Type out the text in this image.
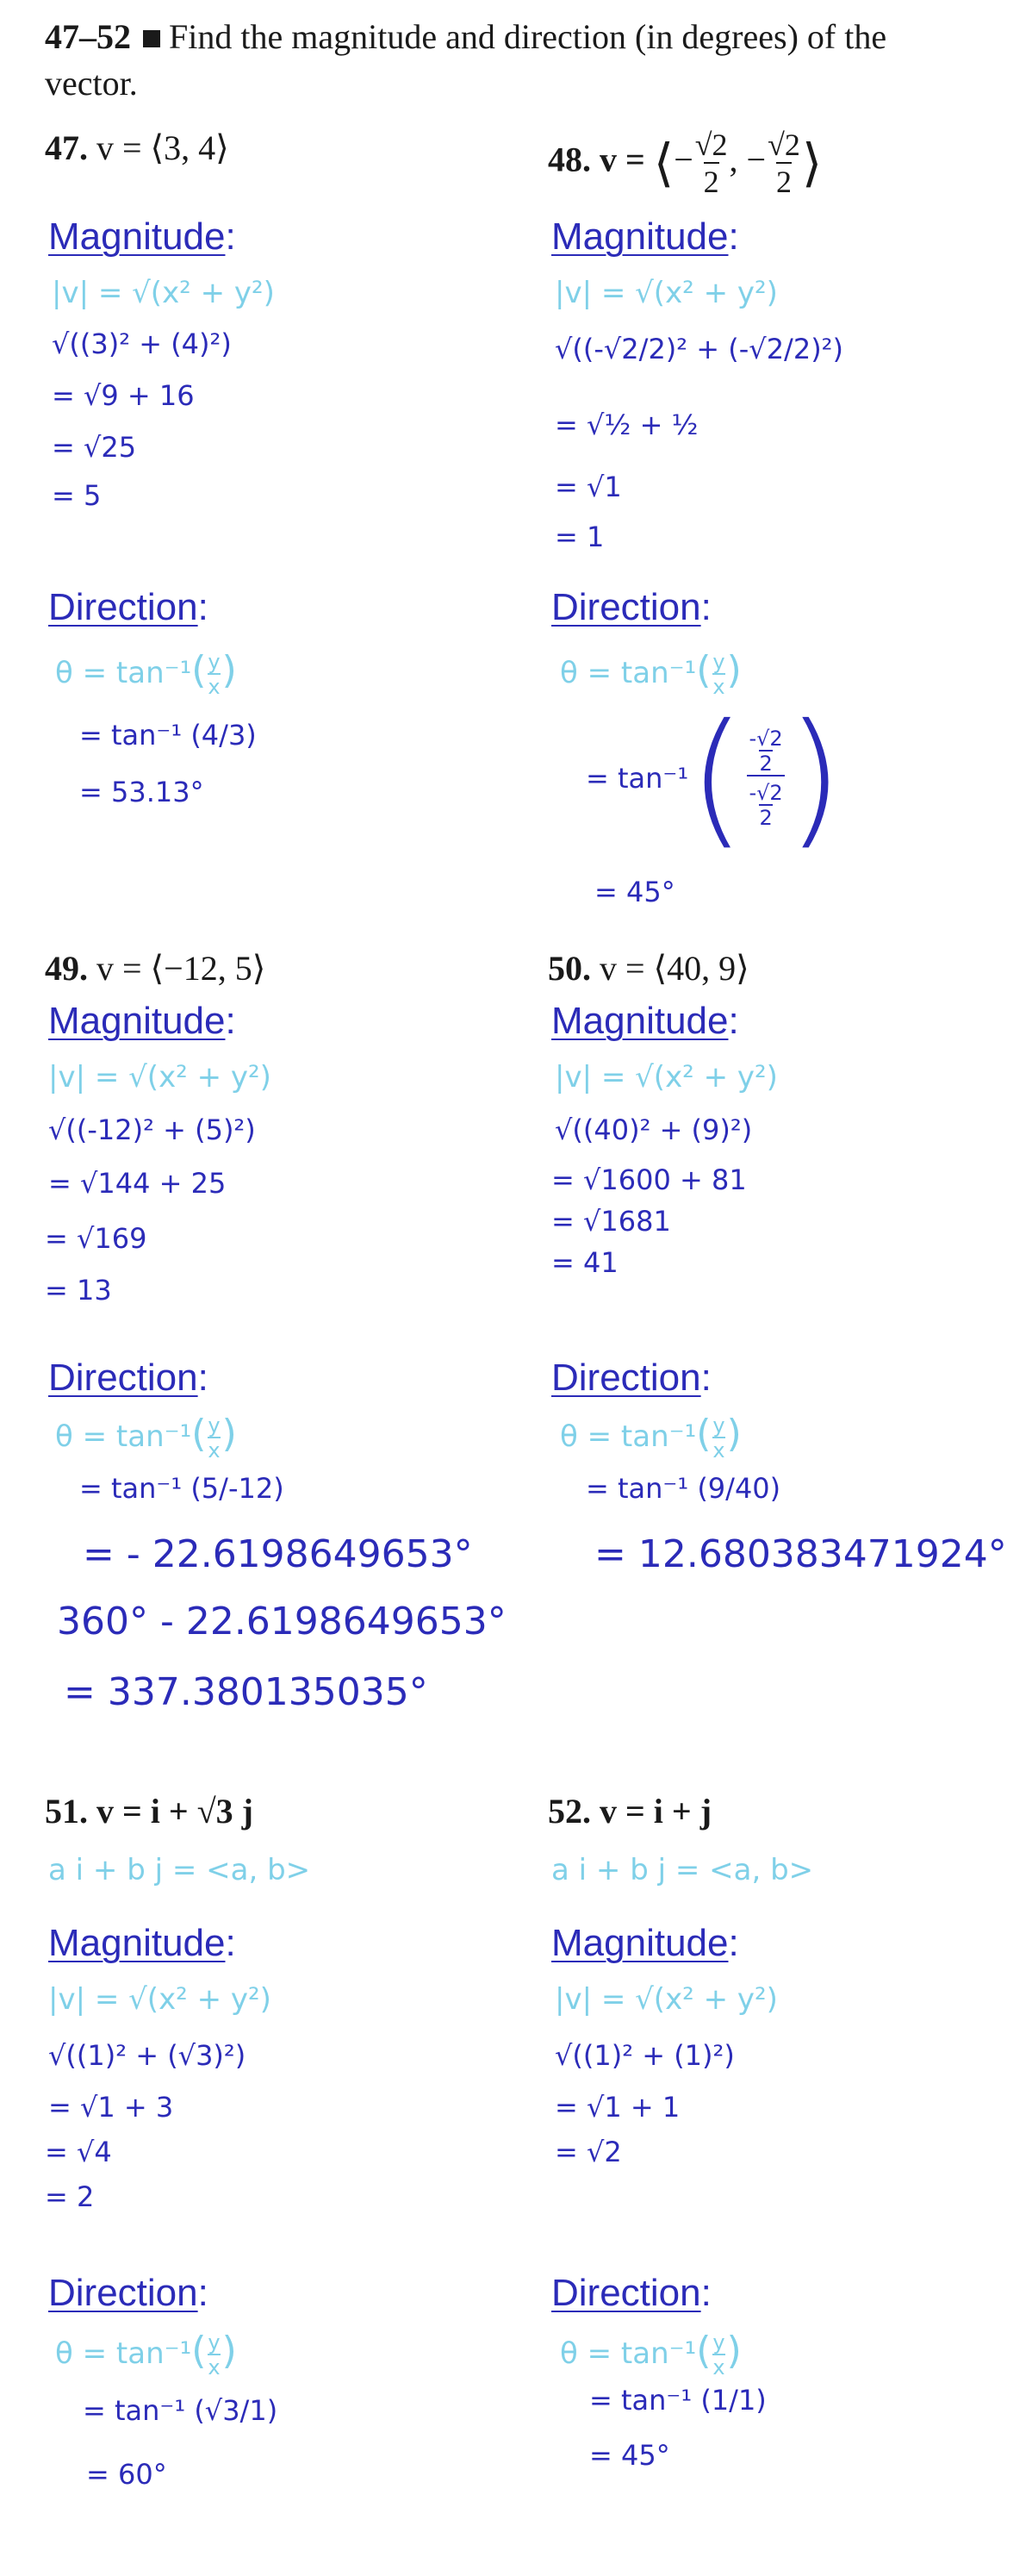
47–52 Find the magnitude and direction (in degrees) of the
vector.
47. v = ⟨3, 4⟩
Magnitude:
|v| = √(x² + y²)
√((3)² + (4)²)
= √9 + 16
= √25
= 5
Direction:
$\theta = \tan^{-1}( \frac{y}{x}$ )
= tan⁻¹ (4/3)
= 53.13°
48. v = ⟨− $\frac{√2}{2}$ , − $\frac{√2}{2}$ ⟩
Magnitude:
|v| = √(x² + y²)
√((-√2/2)² + (-√2/2)²)
= √½ + ½
= √1
= 1
Direction:
$\theta = \tan^{-1}( \frac{y}{x}$ )
= tan⁻¹ ( $\frac{\frac{-√2}{2}}{\frac{-√2}{2}}$ )
= 45°
49. v = ⟨−12, 5⟩
Magnitude:
|v| = √(x² + y²)
√((-12)² + (5)²)
= √144 + 25
= √169
= 13
Direction:
$\theta = \tan^{-1}( \frac{y}{x}$ )
= tan⁻¹ (5/-12)
= - 22.6198649653°
360° - 22.6198649653°
= 337.380135035°
50. v = ⟨40, 9⟩
Magnitude:
|v| = √(x² + y²)
√((40)² + (9)²)
= √1600 + 81
= √1681
= 41
Direction:
$\theta = \tan^{-1}( \frac{y}{x}$ )
= tan⁻¹ (9/40)
= 12.680383471924°
51. v = i + √3 j
a i + b j = <a, b>
Magnitude:
|v| = √(x² + y²)
√((1)² + (√3)²)
= √1 + 3
= √4
= 2
Direction:
$\theta = \tan^{-1}( \frac{y}{x}$ )
= tan⁻¹ (√3/1)
= 60°
52. v = i + j
a i + b j = <a, b>
Magnitude:
|v| = √(x² + y²)
√((1)² + (1)²)
= √1 + 1
= √2
Direction:
$\theta = \tan^{-1}( \frac{y}{x}$ )
= tan⁻¹ (1/1)
= 45°
